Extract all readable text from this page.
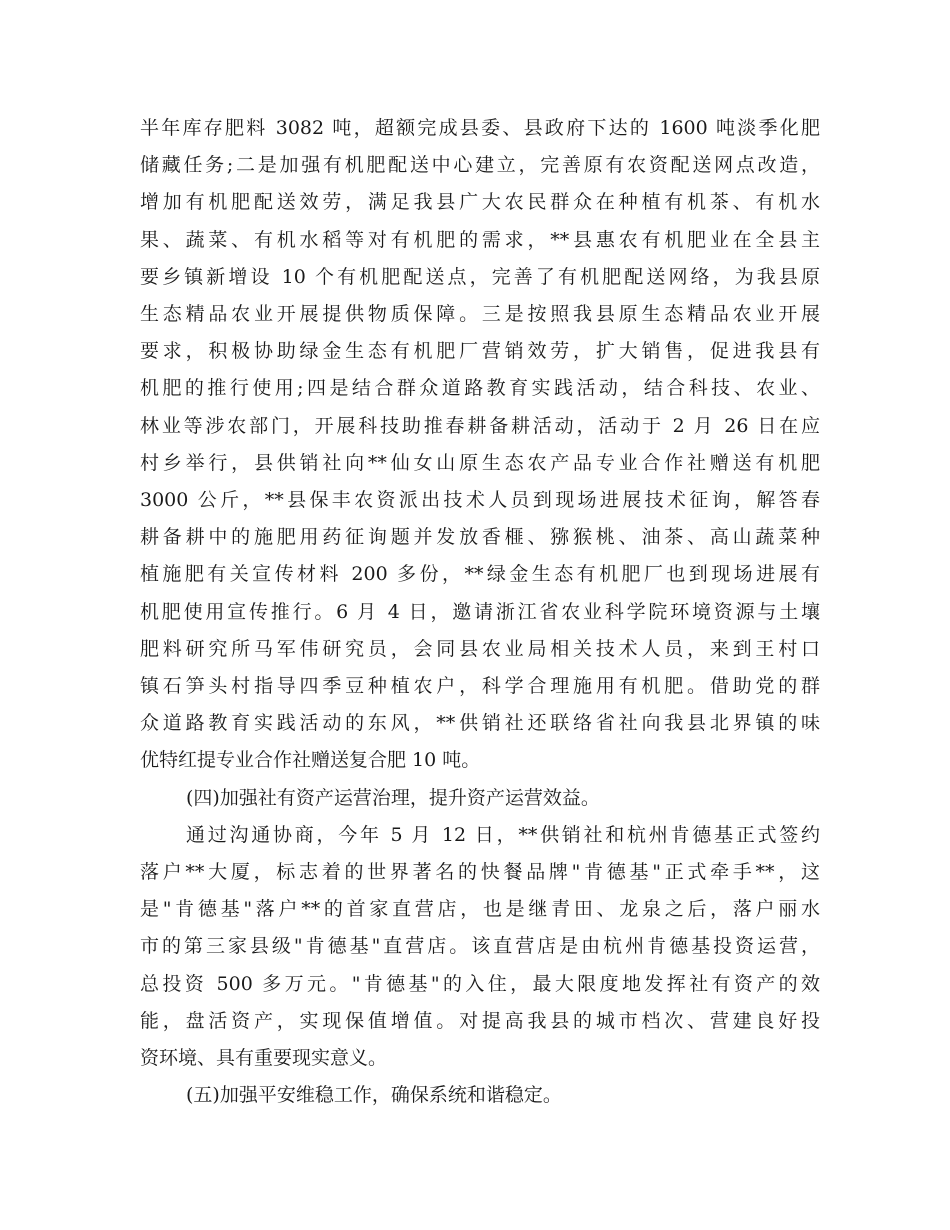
半年库存肥料 3082 吨，超额完成县委、县政府下达的 1600 吨淡季化肥
储藏任务;二是加强有机肥配送中心建立，完善原有农资配送网点改造，
增加有机肥配送效劳，满足我县广大农民群众在种植有机茶、有机水
果、蔬菜、有机水稻等对有机肥的需求，**县惠农有机肥业在全县主
要乡镇新增设 10 个有机肥配送点，完善了有机肥配送网络，为我县原
生态精品农业开展提供物质保障。三是按照我县原生态精品农业开展
要求，积极协助绿金生态有机肥厂营销效劳，扩大销售，促进我县有
机肥的推行使用;四是结合群众道路教育实践活动，结合科技、农业、
林业等涉农部门，开展科技助推春耕备耕活动，活动于 2 月 26 日在应
村乡举行，县供销社向**仙女山原生态农产品专业合作社赠送有机肥
3000 公斤，**县保丰农资派出技术人员到现场进展技术征询，解答春
耕备耕中的施肥用药征询题并发放香榧、猕猴桃、油茶、高山蔬菜种
植施肥有关宣传材料 200 多份，**绿金生态有机肥厂也到现场进展有
机肥使用宣传推行。6 月 4 日，邀请浙江省农业科学院环境资源与土壤
肥料研究所马军伟研究员，会同县农业局相关技术人员，来到王村口
镇石笋头村指导四季豆种植农户，科学合理施用有机肥。借助党的群
众道路教育实践活动的东风，**供销社还联络省社向我县北界镇的味
优特红提专业合作社赠送复合肥 10 吨。
(四)加强社有资产运营治理，提升资产运营效益。
通过沟通协商，今年 5 月 12 日，**供销社和杭州肯德基正式签约
落户**大厦，标志着的世界著名的快餐品牌"肯德基"正式牵手**，这
是"肯德基"落户**的首家直营店，也是继青田、龙泉之后，落户丽水
市的第三家县级"肯德基"直营店。该直营店是由杭州肯德基投资运营，
总投资 500 多万元。"肯德基"的入住，最大限度地发挥社有资产的效
能，盘活资产，实现保值增值。对提高我县的城市档次、营建良好投
资环境、具有重要现实意义。
(五)加强平安维稳工作，确保系统和谐稳定。
